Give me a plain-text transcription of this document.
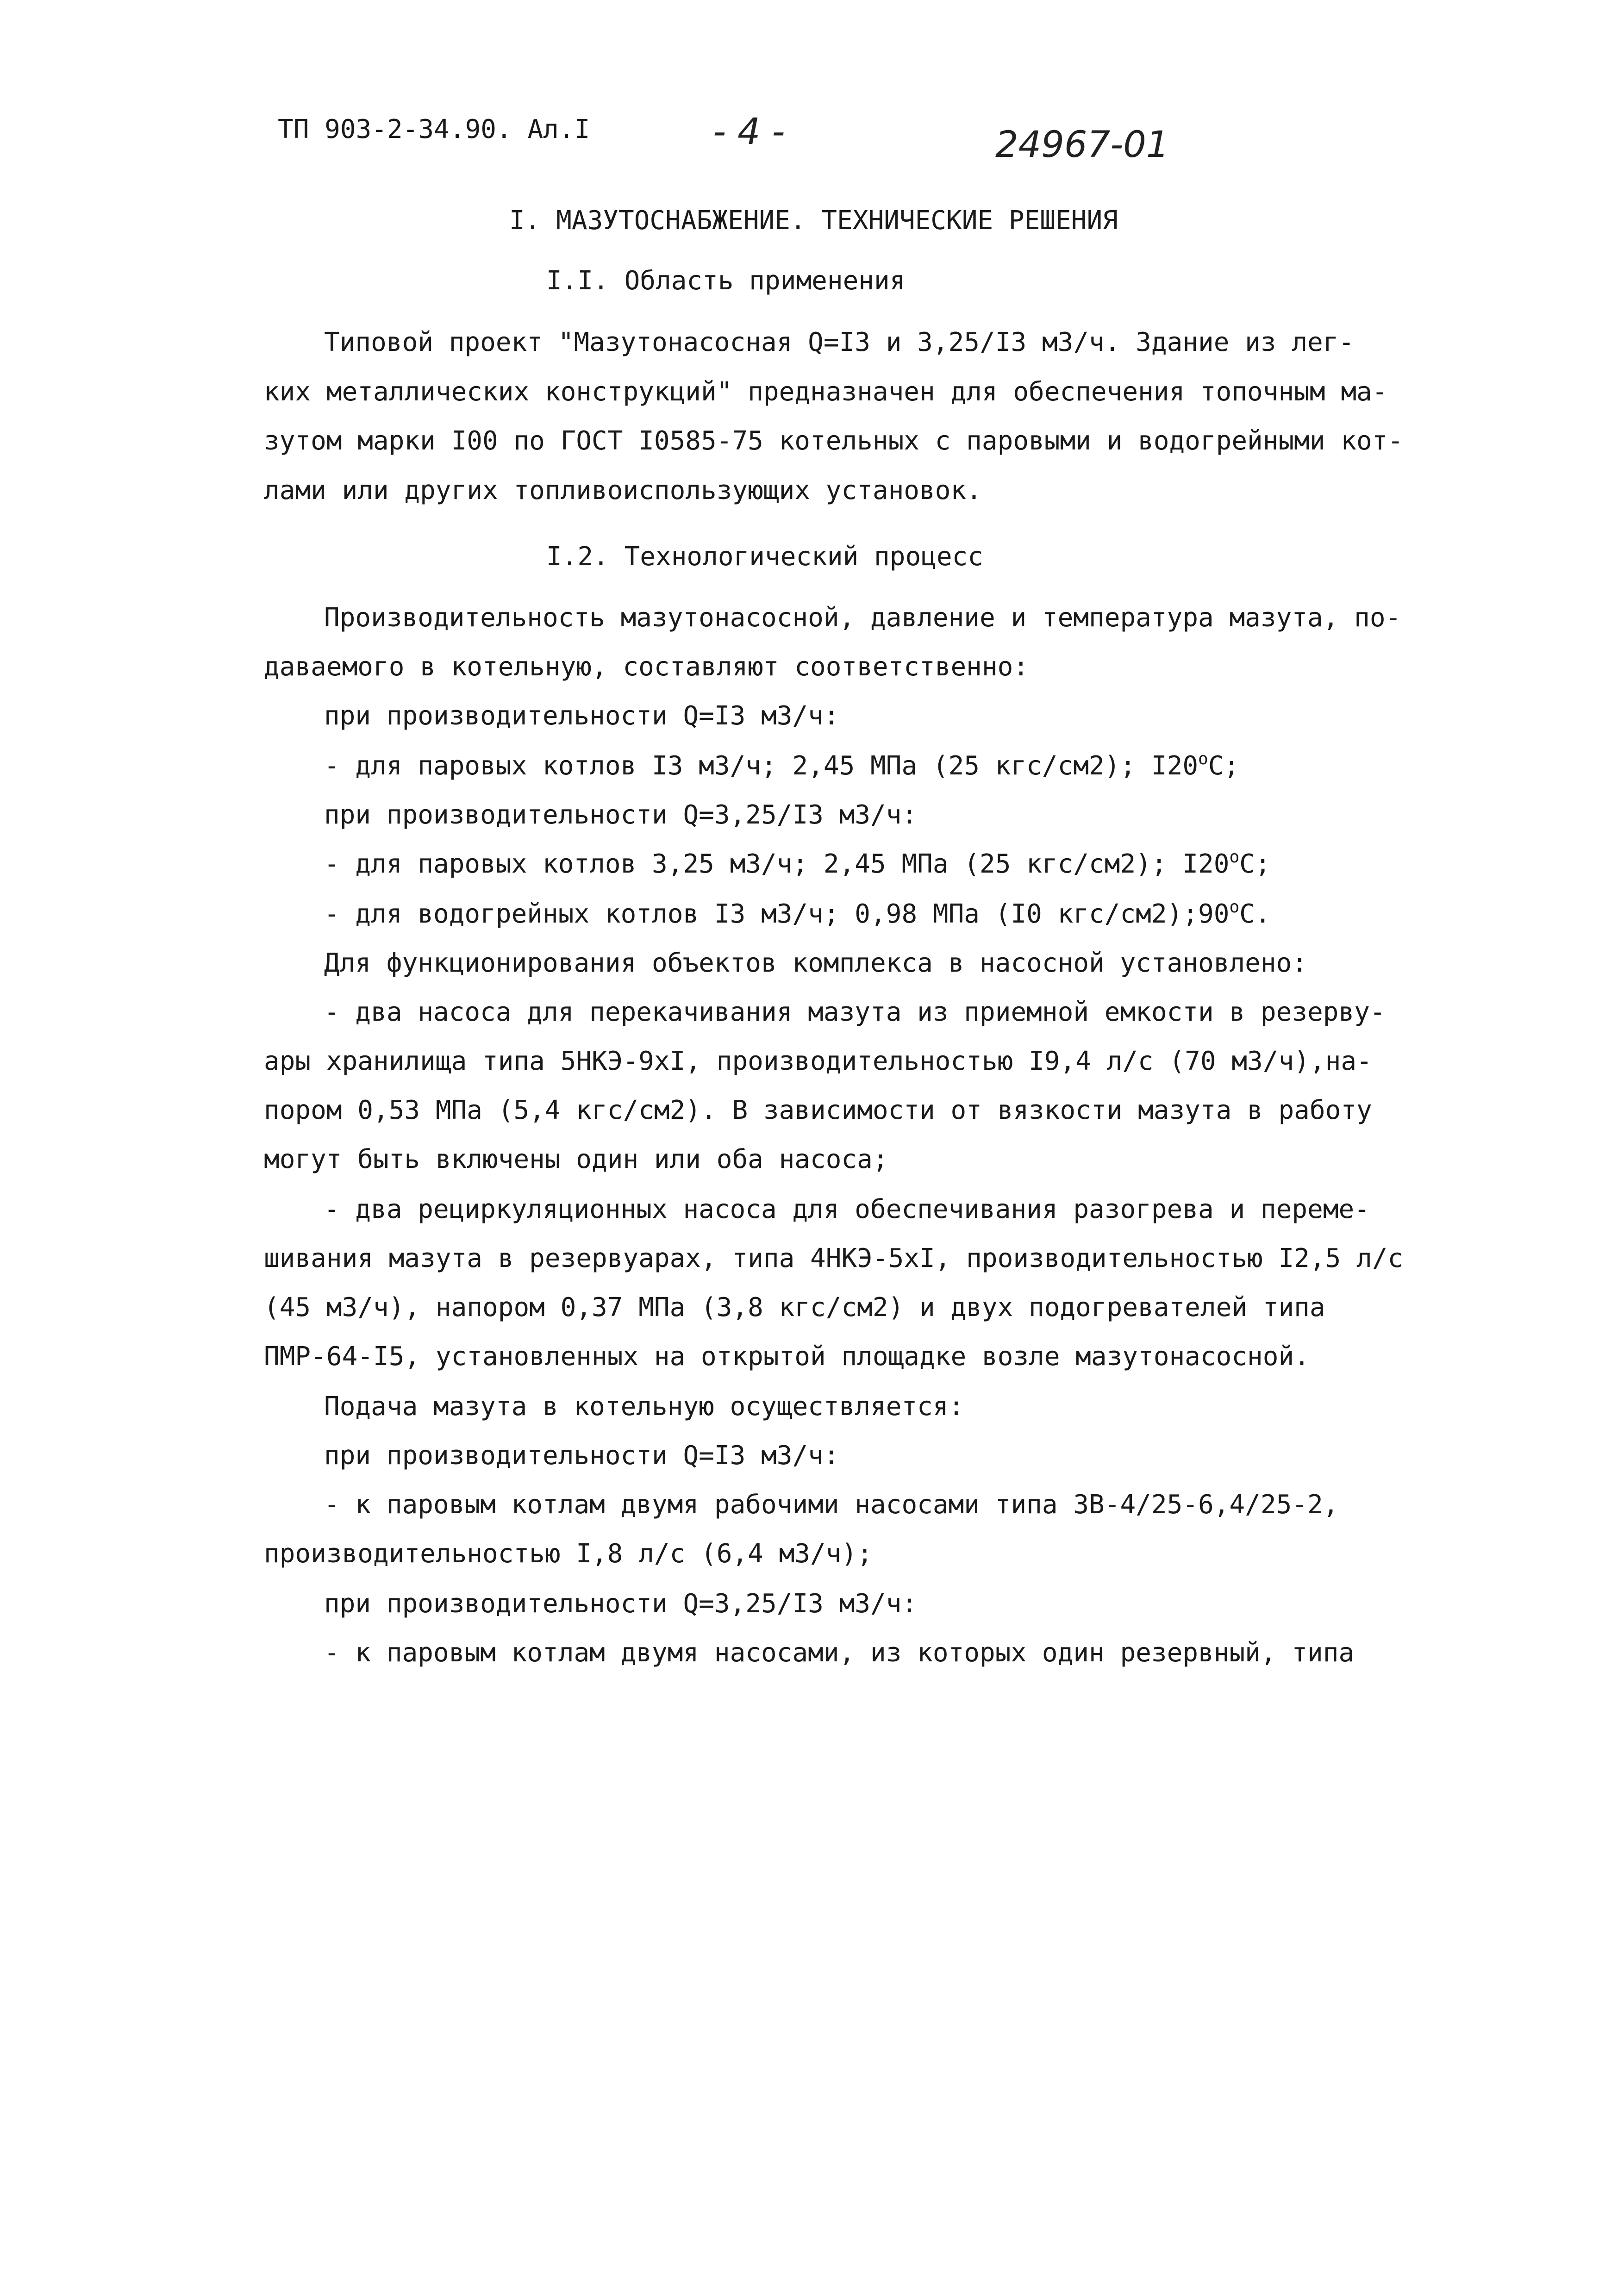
ТП 903-2-34.90. Ал.I	- 4 -	24967-01
I. МАЗУТОСНАБЖЕНИЕ. ТЕХНИЧЕСКИЕ РЕШЕНИЯ
I.I. Область применения
Типовой проект "Мазутонасосная Q=I3 и 3,25/I3 м3/ч. Здание из лег-
ких металлических конструкций" предназначен для обеспечения топочным ма-
зутом марки I00 по ГОСТ I0585-75 котельных с паровыми и водогрейными кот-
лами или других топливоиспользующих установок.
I.2. Технологический процесс
Производительность мазутонасосной, давление и температура мазута, по-
даваемого в котельную, составляют соответственно:
при производительности Q=I3 м3/ч:
- для паровых котлов I3 м3/ч; 2,45 МПа (25 кгс/см2); $I20^оС$;
при производительности Q=3,25/I3 м3/ч:
- для паровых котлов 3,25 м3/ч; 2,45 МПа (25 кгс/см2); $I20^оС$;
- для водогрейных котлов I3 м3/ч; 0,98 МПа (I0 кгс/$см2);90^оС$.
Для функционирования объектов комплекса в насосной установлено:
- два насоса для перекачивания мазута из приемной емкости в резерву-
ары хранилища типа 5НКЭ-9хI, производительностью I9,4 л/с (70 м3/ч),на-
пором 0,53 МПа (5,4 кгс/см2). В зависимости от вязкости мазута в работу
могут быть включены один или оба насоса;
- два рециркуляционных насоса для обеспечивания разогрева и переме-
шивания мазута в резервуарах, типа 4НКЭ-5хI, производительностью I2,5 л/с
(45 м3/ч), напором 0,37 МПа (3,8 кгс/см2) и двух подогревателей типа
ПМР-64-I5, установленных на открытой площадке возле мазутонасосной.
Подача мазута в котельную осуществляется:
при производительности Q=I3 м3/ч:
- к паровым котлам двумя рабочими насосами типа ЗВ-4/25-6,4/25-2,
производительностью I,8 л/с (6,4 м3/ч);
при производительности Q=3,25/I3 м3/ч:
- к паровым котлам двумя насосами, из которых один резервный, типа
